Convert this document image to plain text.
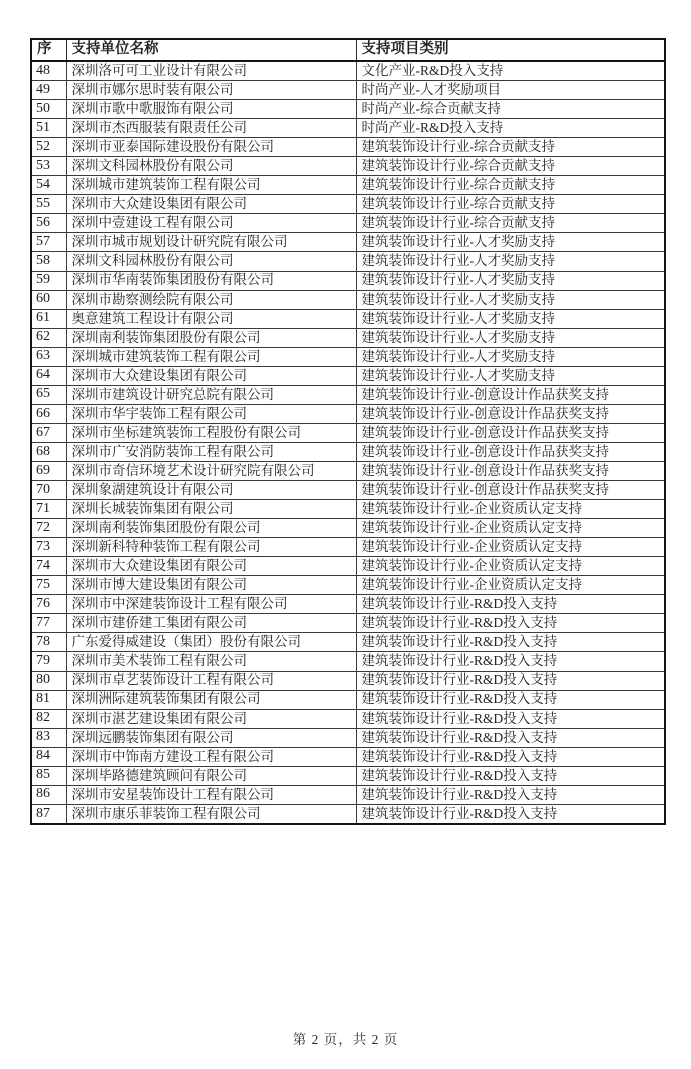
序	支持单位名称	支持项目类别
48	深圳洛可可工业设计有限公司	文化产业-R&D投入支持
49	深圳市娜尔思时装有限公司	时尚产业-人才奖励项目
50	深圳市歌中歌服饰有限公司	时尚产业-综合贡献支持
51	深圳市杰西服装有限责任公司	时尚产业-R&D投入支持
52	深圳市亚泰国际建设股份有限公司	建筑装饰设计行业-综合贡献支持
53	深圳文科园林股份有限公司	建筑装饰设计行业-综合贡献支持
54	深圳城市建筑装饰工程有限公司	建筑装饰设计行业-综合贡献支持
55	深圳市大众建设集团有限公司	建筑装饰设计行业-综合贡献支持
56	深圳中壹建设工程有限公司	建筑装饰设计行业-综合贡献支持
57	深圳市城市规划设计研究院有限公司	建筑装饰设计行业-人才奖励支持
58	深圳文科园林股份有限公司	建筑装饰设计行业-人才奖励支持
59	深圳市华南装饰集团股份有限公司	建筑装饰设计行业-人才奖励支持
60	深圳市勘察测绘院有限公司	建筑装饰设计行业-人才奖励支持
61	奥意建筑工程设计有限公司	建筑装饰设计行业-人才奖励支持
62	深圳南利装饰集团股份有限公司	建筑装饰设计行业-人才奖励支持
63	深圳城市建筑装饰工程有限公司	建筑装饰设计行业-人才奖励支持
64	深圳市大众建设集团有限公司	建筑装饰设计行业-人才奖励支持
65	深圳市建筑设计研究总院有限公司	建筑装饰设计行业-创意设计作品获奖支持
66	深圳市华宇装饰工程有限公司	建筑装饰设计行业-创意设计作品获奖支持
67	深圳市坐标建筑装饰工程股份有限公司	建筑装饰设计行业-创意设计作品获奖支持
68	深圳市广安消防装饰工程有限公司	建筑装饰设计行业-创意设计作品获奖支持
69	深圳市奇信环境艺术设计研究院有限公司	建筑装饰设计行业-创意设计作品获奖支持
70	深圳象湖建筑设计有限公司	建筑装饰设计行业-创意设计作品获奖支持
71	深圳长城装饰集团有限公司	建筑装饰设计行业-企业资质认定支持
72	深圳南利装饰集团股份有限公司	建筑装饰设计行业-企业资质认定支持
73	深圳新科特种装饰工程有限公司	建筑装饰设计行业-企业资质认定支持
74	深圳市大众建设集团有限公司	建筑装饰设计行业-企业资质认定支持
75	深圳市博大建设集团有限公司	建筑装饰设计行业-企业资质认定支持
76	深圳市中深建装饰设计工程有限公司	建筑装饰设计行业-R&D投入支持
77	深圳市建侨建工集团有限公司	建筑装饰设计行业-R&D投入支持
78	广东爱得威建设（集团）股份有限公司	建筑装饰设计行业-R&D投入支持
79	深圳市美术装饰工程有限公司	建筑装饰设计行业-R&D投入支持
80	深圳市卓艺装饰设计工程有限公司	建筑装饰设计行业-R&D投入支持
81	深圳洲际建筑装饰集团有限公司	建筑装饰设计行业-R&D投入支持
82	深圳市湛艺建设集团有限公司	建筑装饰设计行业-R&D投入支持
83	深圳远鹏装饰集团有限公司	建筑装饰设计行业-R&D投入支持
84	深圳市中饰南方建设工程有限公司	建筑装饰设计行业-R&D投入支持
85	深圳毕路德建筑顾问有限公司	建筑装饰设计行业-R&D投入支持
86	深圳市安星装饰设计工程有限公司	建筑装饰设计行业-R&D投入支持
87	深圳市康乐菲装饰工程有限公司	建筑装饰设计行业-R&D投入支持
第 2 页，共 2 页
